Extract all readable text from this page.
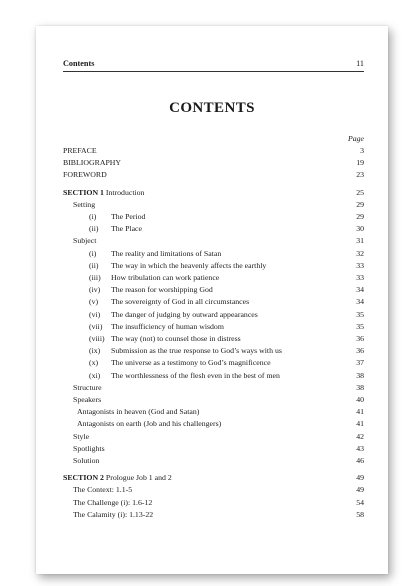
Contents	11
CONTENTS
Page
PREFACE	3
BIBLIOGRAPHY	19
FOREWORD	23
SECTION 1 Introduction	25
Setting	29
(i) The Period	29
(ii) The Place	30
Subject	31
(i) The reality and limitations of Satan	32
(ii) The way in which the heavenly affects the earthly	33
(iii) How tribulation can work patience	33
(iv) The reason for worshipping God	34
(v) The sovereignty of God in all circumstances	34
(vi) The danger of judging by outward appearances	35
(vii) The insufficiency of human wisdom	35
(viii) The way (not) to counsel those in distress	36
(ix) Submission as the true response to God’s ways with us	36
(x) The universe as a testimony to God’s magnificence	37
(xi) The worthlessness of the flesh even in the best of men	38
Structure	38
Speakers	40
Antagonists in heaven (God and Satan)	41
Antagonists on earth (Job and his challengers)	41
Style	42
Spotlights	43
Solution	46
SECTION 2 Prologue Job 1 and 2	49
The Context: 1.1-5	49
The Challenge (i): 1.6-12	54
The Calamity (i): 1.13-22	58
